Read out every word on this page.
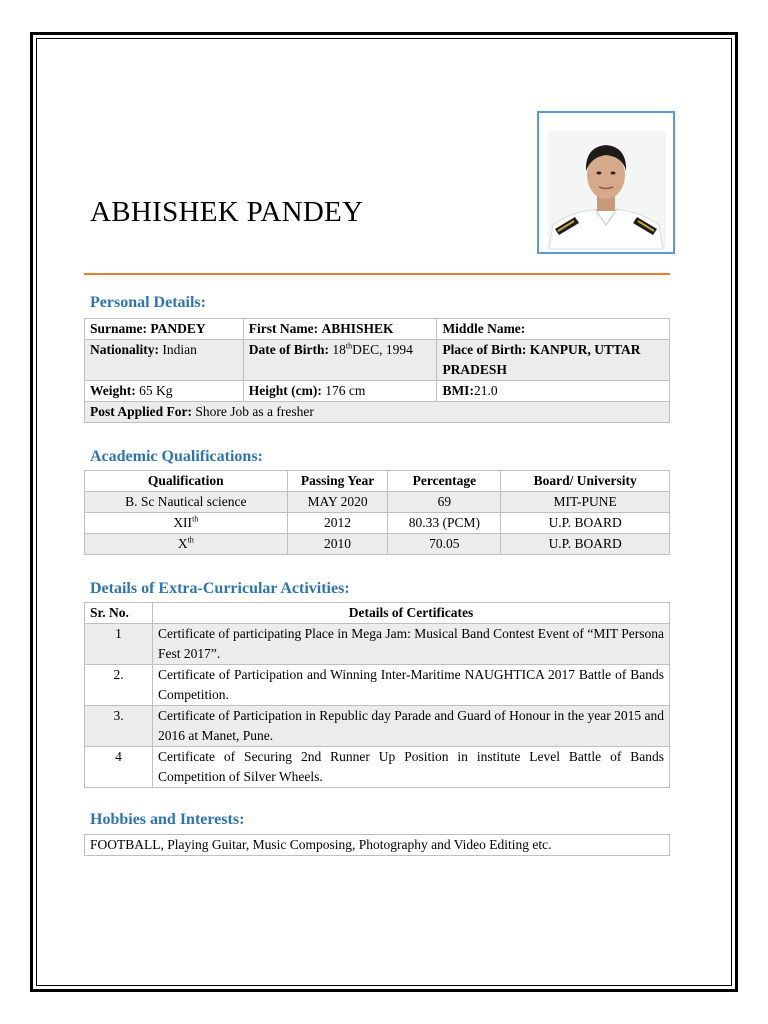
ABHISHEK PANDEY
Personal Details:
Surname: PANDEY	First Name: ABHISHEK	Middle Name:
Nationality: Indian	Date of Birth: 18thDEC, 1994	Place of Birth: KANPUR, UTTAR PRADESH
Weight: 65 Kg	Height (cm): 176 cm	BMI:21.0
Post Applied For: Shore Job as a fresher		
Academic Qualifications:
Qualification	Passing Year	Percentage	Board/ University
B. Sc Nautical science	MAY 2020	69	MIT-PUNE
XIIth	2012	80.33 (PCM)	U.P. BOARD
Xth	2010	70.05	U.P. BOARD
Details of Extra-Curricular Activities:
Sr. No.	Details of Certificates
1	Certificate of participating Place in Mega Jam: Musical Band Contest Event of “MIT Persona Fest 2017”.
2.	Certificate of Participation and Winning Inter-Maritime NAUGHTICA 2017 Battle of Bands Competition.
3.	Certificate of Participation in Republic day Parade and Guard of Honour in the year 2015 and 2016 at Manet, Pune.
4	Certificate of Securing 2nd Runner Up Position in institute Level Battle of Bands Competition of Silver Wheels.
Hobbies and Interests:
FOOTBALL, Playing Guitar, Music Composing, Photography and Video Editing etc.
